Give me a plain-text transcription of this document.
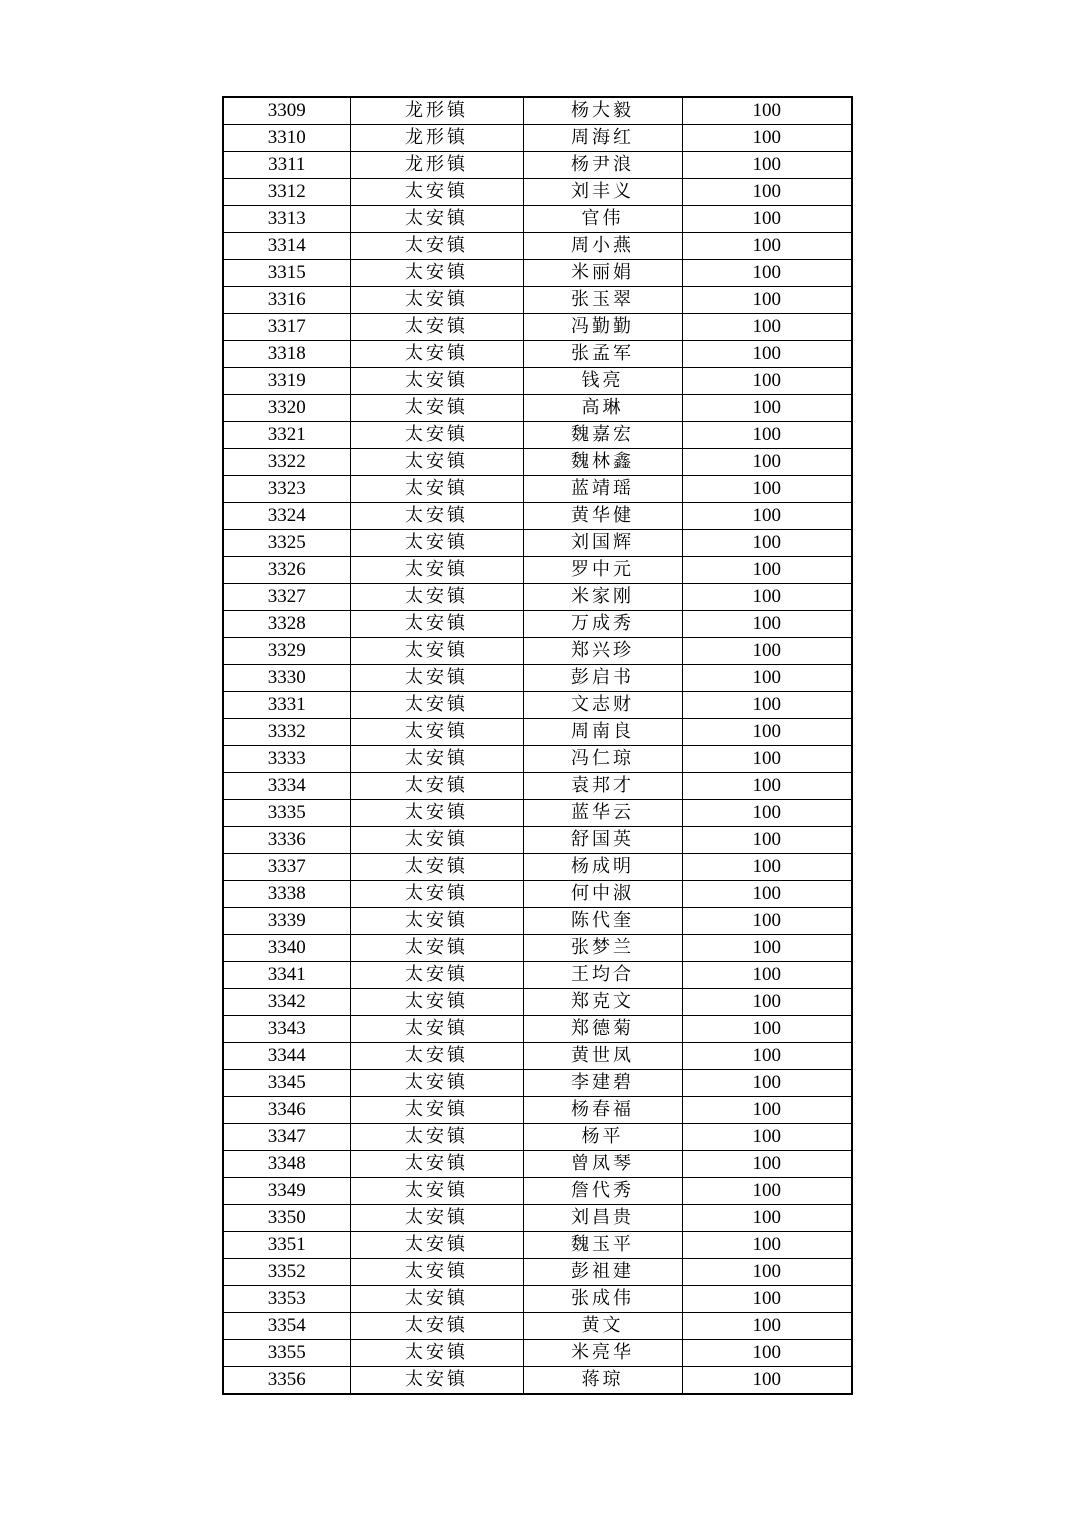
3309	龙形镇	杨大毅	100
3310	龙形镇	周海红	100
3311	龙形镇	杨尹浪	100
3312	太安镇	刘丰义	100
3313	太安镇	官伟	100
3314	太安镇	周小燕	100
3315	太安镇	米丽娟	100
3316	太安镇	张玉翠	100
3317	太安镇	冯勤勤	100
3318	太安镇	张孟军	100
3319	太安镇	钱亮	100
3320	太安镇	高琳	100
3321	太安镇	魏嘉宏	100
3322	太安镇	魏林鑫	100
3323	太安镇	蓝靖瑶	100
3324	太安镇	黄华健	100
3325	太安镇	刘国辉	100
3326	太安镇	罗中元	100
3327	太安镇	米家刚	100
3328	太安镇	万成秀	100
3329	太安镇	郑兴珍	100
3330	太安镇	彭启书	100
3331	太安镇	文志财	100
3332	太安镇	周南良	100
3333	太安镇	冯仁琼	100
3334	太安镇	袁邦才	100
3335	太安镇	蓝华云	100
3336	太安镇	舒国英	100
3337	太安镇	杨成明	100
3338	太安镇	何中淑	100
3339	太安镇	陈代奎	100
3340	太安镇	张梦兰	100
3341	太安镇	王均合	100
3342	太安镇	郑克文	100
3343	太安镇	郑德菊	100
3344	太安镇	黄世凤	100
3345	太安镇	李建碧	100
3346	太安镇	杨春福	100
3347	太安镇	杨平	100
3348	太安镇	曾凤琴	100
3349	太安镇	詹代秀	100
3350	太安镇	刘昌贵	100
3351	太安镇	魏玉平	100
3352	太安镇	彭祖建	100
3353	太安镇	张成伟	100
3354	太安镇	黄文	100
3355	太安镇	米亮华	100
3356	太安镇	蒋琼	100
